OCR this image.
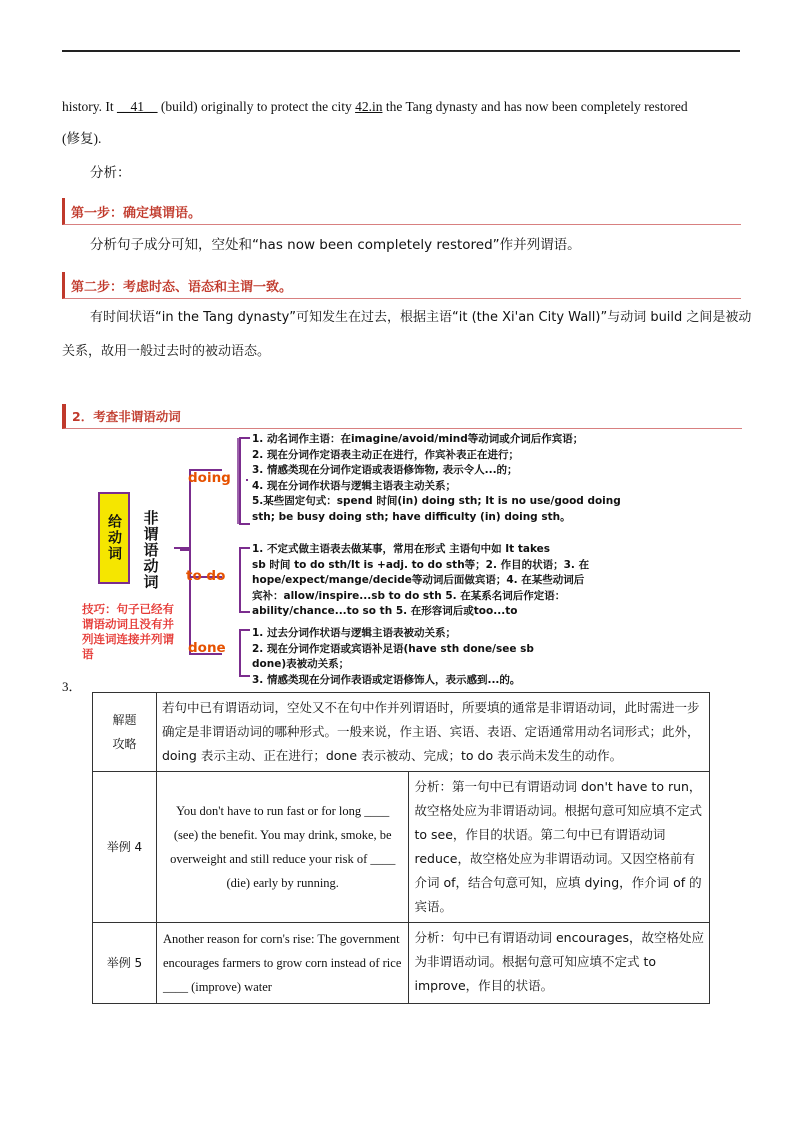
history. It __41__ (build) originally to protect the city 42.in the Tang dynasty and has now been completely restored
(修复).
分析：
第一步：确定填谓语。
分析句子成分可知，空处和“has now been completely restored”作并列谓语。
第二步：考虑时态、语态和主谓一致。
有时间状语“in the Tang dynasty”可知发生在过去，根据主语“it (the Xi'an City Wall)”与动词 build 之间是被动
关系，故用一般过去时的被动语态。
2．考查非谓语动词
给动词 非谓语动词
技巧：句子已经有谓语动词且没有并列连词连接并列谓语
doing
to do
done
1. 动名词作主语：在imagine/avoid/mind等动词或介词后作宾语；
2. 现在分词作定语表主动正在进行，作宾补表正在进行；
3. 情感类现在分词作定语或表语修饰物, 表示令人...的；
4. 现在分词作状语与逻辑主语表主动关系；
5.某些固定句式：spend 时间(in) doing sth; It is no use/good doing
sth; be busy doing sth; have difficulty (in) doing sth。
1. 不定式做主语表去做某事，常用在形式 主语句中如 It takes
sb 时间 to do sth/It is +adj. to do sth等；2. 作目的状语；3. 在
hope/expect/mange/decide等动词后面做宾语；4. 在某些动词后
宾补：allow/inspire...sb to do sth 5. 在某系名词后作定语：
ability/chance...to so th 5. 在形容词后或too...to
1. 过去分词作状语与逻辑主语表被动关系；
2. 现在分词作定语或宾语补足语(have sth done/see sb
done)表被动关系；
3. 情感类现在分词作表语或定语修饰人，表示感到...的。
3．
解题攻略	若句中已有谓语动词，空处又不在句中作并列谓语时，所要填的通常是非谓语动词，此时需进一步确定是非谓语动词的哪种形式。一般来说，作主语、宾语、表语、定语通常用动名词形式；此外，doing 表示主动、正在进行；done 表示被动、完成；to do 表示尚未发生的动作。	
举例 4	You don't have to run fast or for long ____ (see) the benefit. You may drink, smoke, be overweight and still reduce your risk of ____ (die) early by running.	分析：第一句中已有谓语动词 don't have to run，故空格处应为非谓语动词。根据句意可知应填不定式 to see，作目的状语。第二句中已有谓语动词 reduce，故空格处应为非谓语动词。又因空格前有介词 of，结合句意可知，应填 dying，作介词 of 的宾语。
举例 5	Another reason for corn's rise: The government encourages farmers to grow corn instead of rice ____ (improve) water	分析：句中已有谓语动词 encourages，故空格处应为非谓语动词。根据句意可知应填不定式 to improve，作目的状语。
